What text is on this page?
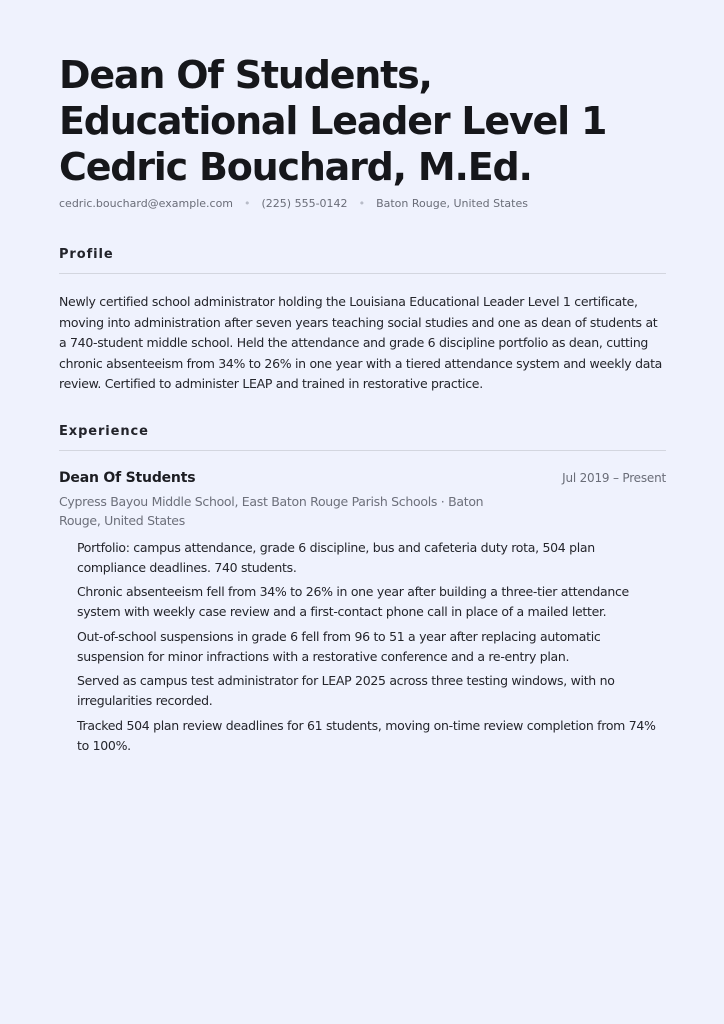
Dean Of Students, Educational Leader Level 1 Cedric Bouchard, M.Ed.
cedric.bouchard@example.com • (225) 555-0142 • Baton Rouge, United States
Profile

Newly certified school administrator holding the Louisiana Educational Leader Level 1 certificate, moving into administration after seven years teaching social studies and one as dean of students at a 740-student middle school. Held the attendance and grade 6 discipline portfolio as dean, cutting chronic absenteeism from 34% to 26% in one year with a tiered attendance system and weekly data review. Certified to administer LEAP and trained in restorative practice.

Experience
Dean Of Students	Jul 2019 – Present
Cypress Bayou Middle School, East Baton Rouge Parish Schools · Baton Rouge, United States
Portfolio: campus attendance, grade 6 discipline, bus and cafeteria duty rota, 504 plan compliance deadlines. 740 students.
Chronic absenteeism fell from 34% to 26% in one year after building a three-tier attendance system with weekly case review and a first-contact phone call in place of a mailed letter.
Out-of-school suspensions in grade 6 fell from 96 to 51 a year after replacing automatic suspension for minor infractions with a restorative conference and a re-entry plan.
Served as campus test administrator for LEAP 2025 across three testing windows, with no irregularities recorded.
Tracked 504 plan review deadlines for 61 students, moving on-time review completion from 74% to 100%.
